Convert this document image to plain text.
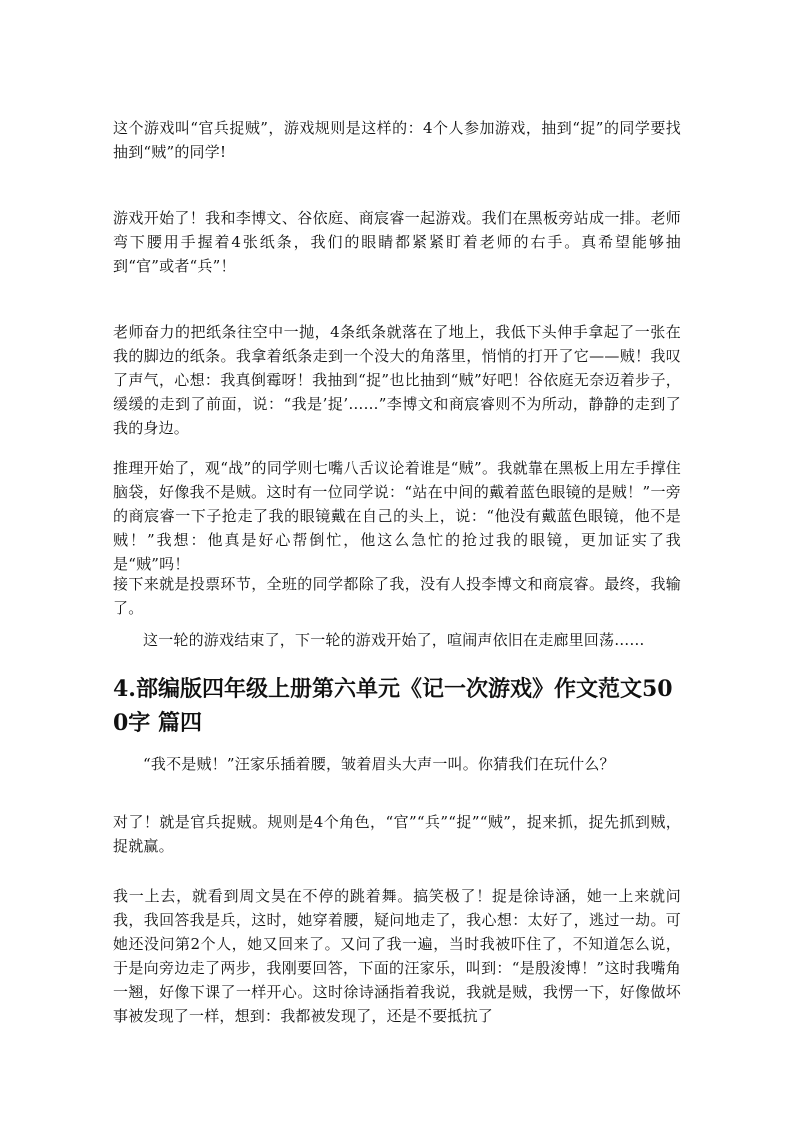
这个游戏叫“官兵捉贼”，游戏规则是这样的：4个人参加游戏，抽到“捉”的同学要找抽到“贼”的同学!

游戏开始了！我和李博文、谷依庭、商宸睿一起游戏。我们在黑板旁站成一排。老师弯下腰用手握着4张纸条，我们的眼睛都紧紧盯着老师的右手。真希望能够抽到“官”或者“兵”！

老师奋力的把纸条往空中一抛，4条纸条就落在了地上，我低下头伸手拿起了一张在我的脚边的纸条。我拿着纸条走到一个没大的角落里，悄悄的打开了它——贼！我叹了声气，心想：我真倒霉呀！我抽到“捉”也比抽到“贼”好吧！谷依庭无奈迈着步子，缓缓的走到了前面，说：“我是’捉’……”李博文和商宸睿则不为所动，静静的走到了我的身边。

推理开始了，观“战”的同学则七嘴八舌议论着谁是“贼”。我就靠在黑板上用左手撑住脑袋，好像我不是贼。这时有一位同学说：“站在中间的戴着蓝色眼镜的是贼！”一旁的商宸睿一下子抢走了我的眼镜戴在自己的头上，说：“他没有戴蓝色眼镜，他不是贼！”我想：他真是好心帮倒忙，他这么急忙的抢过我的眼镜，更加证实了我是“贼”吗！

接下来就是投票环节，全班的同学都除了我，没有人投李博文和商宸睿。最终，我输了。

这一轮的游戏结束了，下一轮的游戏开始了，喧闹声依旧在走廊里回荡……

4.部编版四年级上册第六单元《记一次游戏》作文范文500字 篇四

“我不是贼！”汪家乐插着腰，皱着眉头大声一叫。你猜我们在玩什么？

对了！就是官兵捉贼。规则是4个角色，“官”“兵”“捉”“贼”，捉来抓，捉先抓到贼，捉就赢。

我一上去，就看到周文昊在不停的跳着舞。搞笑极了！捉是徐诗涵，她一上来就问我，我回答我是兵，这时，她穿着腰，疑问地走了，我心想：太好了，逃过一劫。可她还没问第2个人，她又回来了。又问了我一遍，当时我被吓住了，不知道怎么说，于是向旁边走了两步，我刚要回答，下面的汪家乐，叫到：“是殷浚博！”这时我嘴角一翘，好像下课了一样开心。这时徐诗涵指着我说，我就是贼，我愣一下，好像做坏事被发现了一样，想到：我都被发现了，还是不要抵抗了
